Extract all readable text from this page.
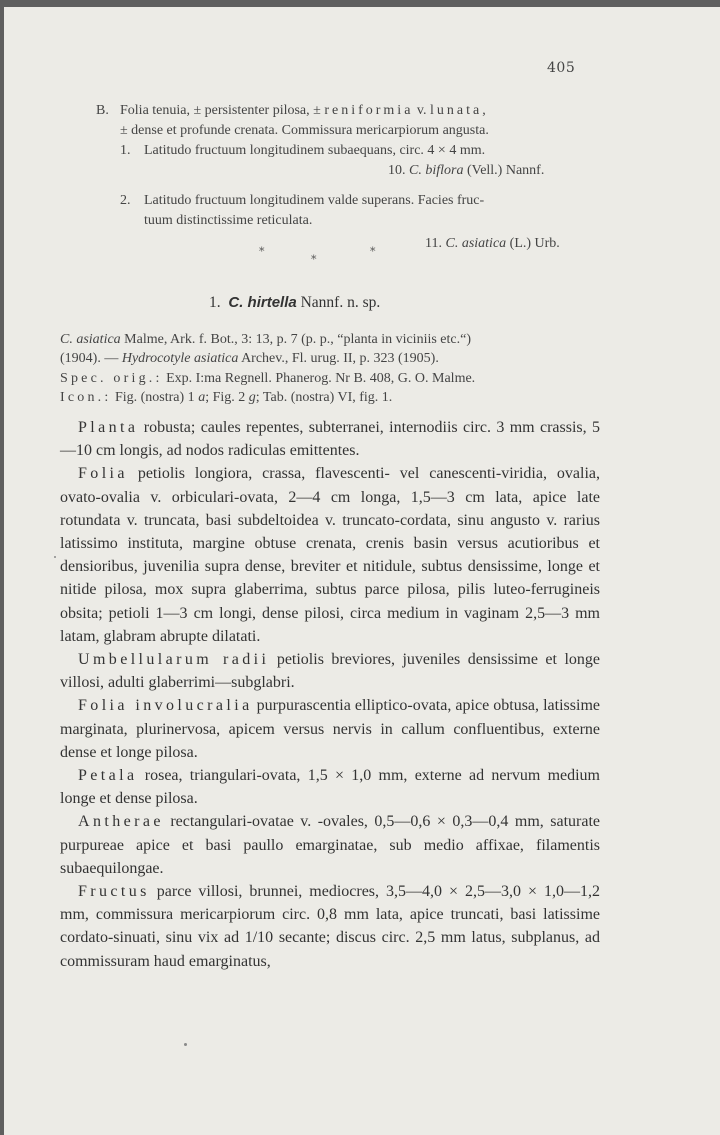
405
B. Folia tenuia, ± persistenter pilosa, ± reniformia v. lunata,
± dense et profunde crenata. Commissura mericarpiorum angusta.
1. Latitudo fructuum longitudinem subaequans, circ. 4 × 4 mm.
10. C. biflora (Vell.) Nannf.
2. Latitudo fructuum longitudinem valde superans. Facies fruc-
tuum distinctissime reticulata.
11. C. asiatica (L.) Urb.
*
*
*
1. C. hirtella Nannf. n. sp.
C. asiatica Malme, Ark. f. Bot., 3: 13, p. 7 (p. p., “planta in viciniis etc.“)
(1904). — Hydrocotyle asiatica Archev., Fl. urug. II, p. 323 (1905).
Spec. orig.: Exp. I:ma Regnell. Phanerog. Nr B. 408, G. O. Malme.
Icon.: Fig. (nostra) 1 a; Fig. 2 g; Tab. (nostra) VI, fig. 1.

Planta robusta; caules repentes, subterranei, internodiis circ. 3 mm crassis, 5—10 cm longis, ad nodos radiculas emittentes.

Folia petiolis longiora, crassa, flavescenti- vel canescenti-viridia, ovalia, ovato-ovalia v. orbiculari-ovata, 2—4 cm longa, 1,5—3 cm lata, apice late rotundata v. truncata, basi subdeltoidea v. truncato-cordata, sinu angusto v. rarius latissimo instituta, margine obtuse crenata, crenis basin versus acutioribus et densioribus, juvenilia supra dense, breviter et nitidule, subtus densissime, longe et nitide pilosa, mox supra glaberrima, subtus parce pilosa, pilis luteo-ferrugineis obsita; petioli 1—3 cm longi, dense pilosi, circa medium in vaginam 2,5—3 mm latam, glabram abrupte dilatati.

Umbellularum radii petiolis breviores, juveniles densissime et longe villosi, adulti glaberrimi—subglabri.

Folia involucralia purpurascentia elliptico-ovata, apice obtusa, latissime marginata, plurinervosa, apicem versus nervis in callum confluentibus, externe dense et longe pilosa.

Petala rosea, triangulari-ovata, 1,5 × 1,0 mm, externe ad nervum medium longe et dense pilosa.

Antherae rectangulari-ovatae v. -ovales, 0,5—0,6 × 0,3—0,4 mm, saturate purpureae apice et basi paullo emarginatae, sub medio affixae, filamentis subaequilongae.

Fructus parce villosi, brunnei, mediocres, 3,5—4,0 × 2,5—3,0 × 1,0—1,2 mm, commissura mericarpiorum circ. 0,8 mm lata, apice truncati, basi latissime cordato-sinuati, sinu vix ad 1/10 secante; discus circ. 2,5 mm latus, subplanus, ad commissuram haud emarginatus,
